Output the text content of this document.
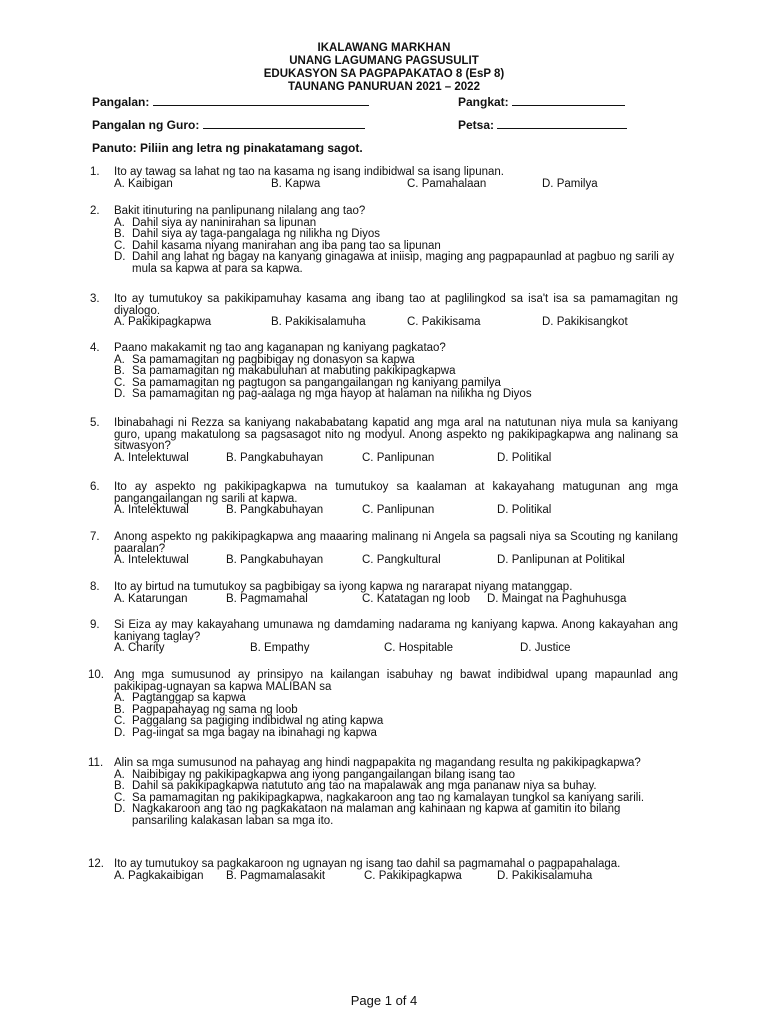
IKALAWANG MARKHAN
UNANG LAGUMANG PAGSUSULIT
EDUKASYON SA PAGPAPAKATAO 8 (EsP 8)
TAUNANG PANURUAN 2021 – 2022
Pangalan:	Pangkat:
Pangalan ng Guro:	Petsa:
Panuto: Piliin ang letra ng pinakatamang sagot.
1.	Ito ay tawag sa lahat ng tao na kasama ng isang indibidwal sa isang lipunan.
A. Kaibigan	B. Kapwa	C. Pamahalaan	D. Pamilya
2.	Bakit itinuturing na panlipunang nilalang ang tao?
A. Dahil siya ay naninirahan sa lipunan
B. Dahil siya ay taga-pangalaga ng nilikha ng Diyos
C. Dahil kasama niyang manirahan ang iba pang tao sa lipunan
D. Dahil ang lahat ng bagay na kanyang ginagawa at iniisip, maging ang pagpapaunlad at pagbuo ng sarili ay mula sa kapwa at para sa kapwa.
3.	Ito ay tumutukoy sa pakikipamuhay kasama ang ibang tao at paglilingkod sa isa't isa sa pamamagitan ng diyalogo.
A. Pakikipagkapwa	B. Pakikisalamuha	C. Pakikisama	D. Pakikisangkot
4.	Paano makakamit ng tao ang kaganapan ng kaniyang pagkatao?
A. Sa pamamagitan ng pagbibigay ng donasyon sa kapwa
B. Sa pamamagitan ng makabuluhan at mabuting pakikipagkapwa
C. Sa pamamagitan ng pagtugon sa pangangailangan ng kaniyang pamilya
D. Sa pamamagitan ng pag-aalaga ng mga hayop at halaman na nilikha ng Diyos
5.	Ibinabahagi ni Rezza sa kaniyang nakababatang kapatid ang mga aral na natutunan niya mula sa kaniyang guro, upang makatulong sa pagsasagot nito ng modyul. Anong aspekto ng pakikipagkapwa ang nalinang sa sitwasyon?
A. Intelektuwal	B. Pangkabuhayan	C. Panlipunan	D. Politikal
6.	Ito ay aspekto ng pakikipagkapwa na tumutukoy sa kaalaman at kakayahang matugunan ang mga pangangailangan ng sarili at kapwa.
A. Intelektuwal	B. Pangkabuhayan	C. Panlipunan	D. Politikal
7.	Anong aspekto ng pakikipagkapwa ang maaaring malinang ni Angela sa pagsali niya sa Scouting ng kanilang paaralan?
A. Intelektuwal	B. Pangkabuhayan	C. Pangkultural	D. Panlipunan at Politikal
8.	Ito ay birtud na tumutukoy sa pagbibigay sa iyong kapwa ng nararapat niyang matanggap.
A. Katarungan	B. Pagmamahal	C. Katatagan ng loob D. Maingat na Paghuhusga
9.	Si Eiza ay may kakayahang umunawa ng damdaming nadarama ng kaniyang kapwa. Anong kakayahan ang kaniyang taglay?
A. Charity	B. Empathy	C. Hospitable	D. Justice
10. Ang mga sumusunod ay prinsipyo na kailangan isabuhay ng bawat indibidwal upang mapaunlad ang pakikipag-ugnayan sa kapwa MALIBAN sa
A. Pagtanggap sa kapwa
B. Pagpapahayag ng sama ng loob
C. Paggalang sa pagiging indibidwal ng ating kapwa
D. Pag-iingat sa mga bagay na ibinahagi ng kapwa
11. Alin sa mga sumusunod na pahayag ang hindi nagpapakita ng magandang resulta ng pakikipagkapwa?
A. Naibibigay ng pakikipagkapwa ang iyong pangangailangan bilang isang tao
B. Dahil sa pakikipagkapwa natututo ang tao na mapalawak ang mga pananaw niya sa buhay.
C. Sa pamamagitan ng pakikipagkapwa, nagkakaroon ang tao ng kamalayan tungkol sa kaniyang sarili.
D. Nagkakaroon ang tao ng pagkakataon na malaman ang kahinaan ng kapwa at gamitin ito bilang pansariling kalakasan laban sa mga ito.
12. Ito ay tumutukoy sa pagkakaroon ng ugnayan ng isang tao dahil sa pagmamahal o pagpapahalaga.
A. Pagkakaibigan B. Pagmamalasakit	C. Pakikipagkapwa	D. Pakikisalamuha
Page 1 of 4
